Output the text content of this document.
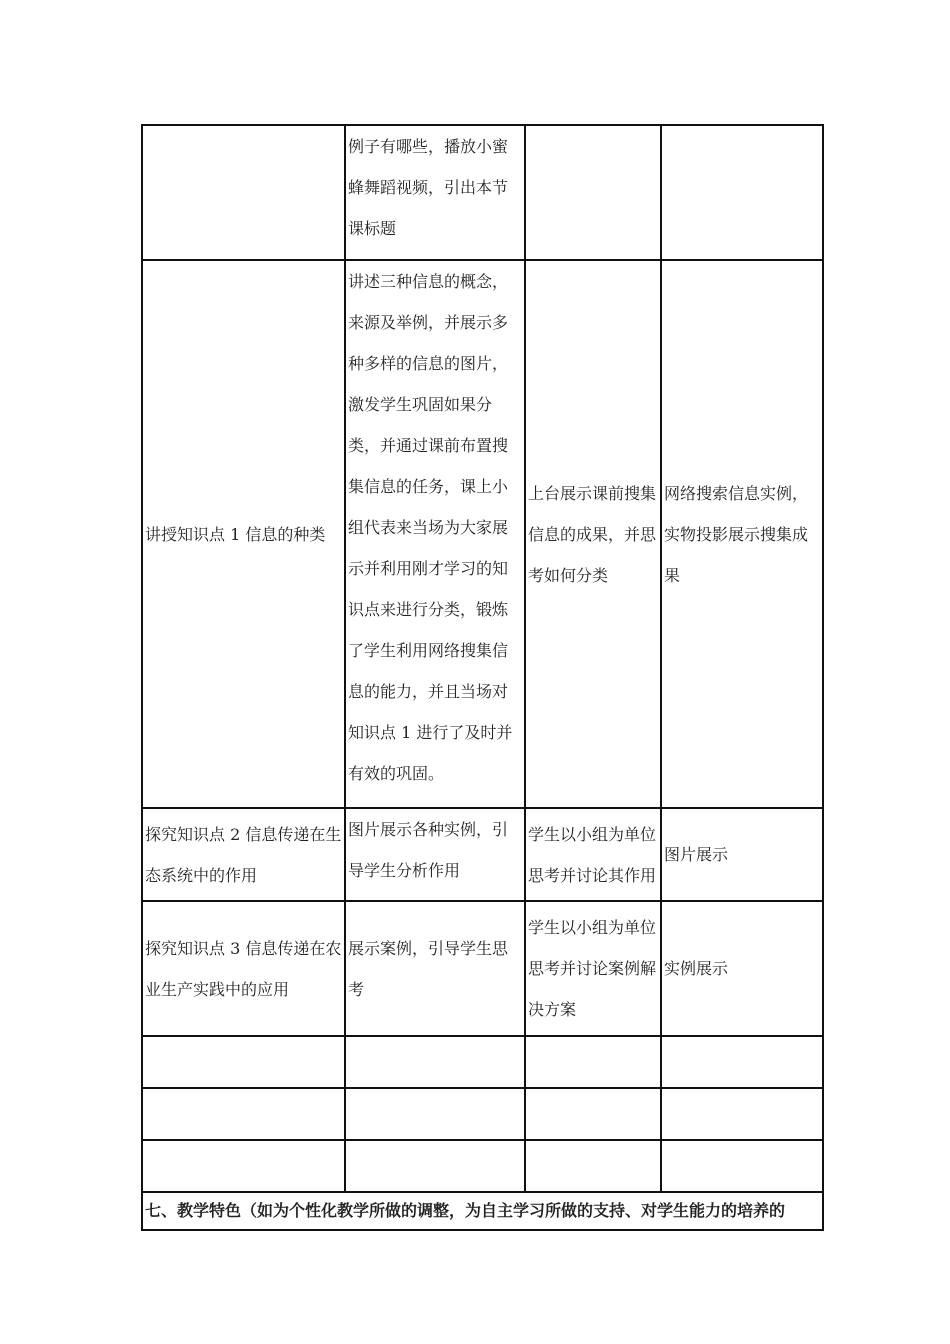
	例子有哪些，播放小蜜蜂舞蹈视频，引出本节课标题		
讲授知识点 1 信息的种类	讲述三种信息的概念，来源及举例，并展示多种多样的信息的图片，激发学生巩固如果分类，并通过课前布置搜集信息的任务，课上小组代表来当场为大家展示并利用刚才学习的知识点来进行分类，锻炼了学生利用网络搜集信息的能力，并且当场对知识点 1 进行了及时并有效的巩固。	上台展示课前搜集信息的成果，并思考如何分类	网络搜索信息实例，实物投影展示搜集成果
探究知识点 2 信息传递在生态系统中的作用	图片展示各种实例，引导学生分析作用	学生以小组为单位思考并讨论其作用	图片展示
探究知识点 3 信息传递在农业生产实践中的应用	展示案例，引导学生思考	学生以小组为单位思考并讨论案例解决方案	实例展示

七、教学特色（如为个性化教学所做的调整，为自主学习所做的支持、对学生能力的培养的			
